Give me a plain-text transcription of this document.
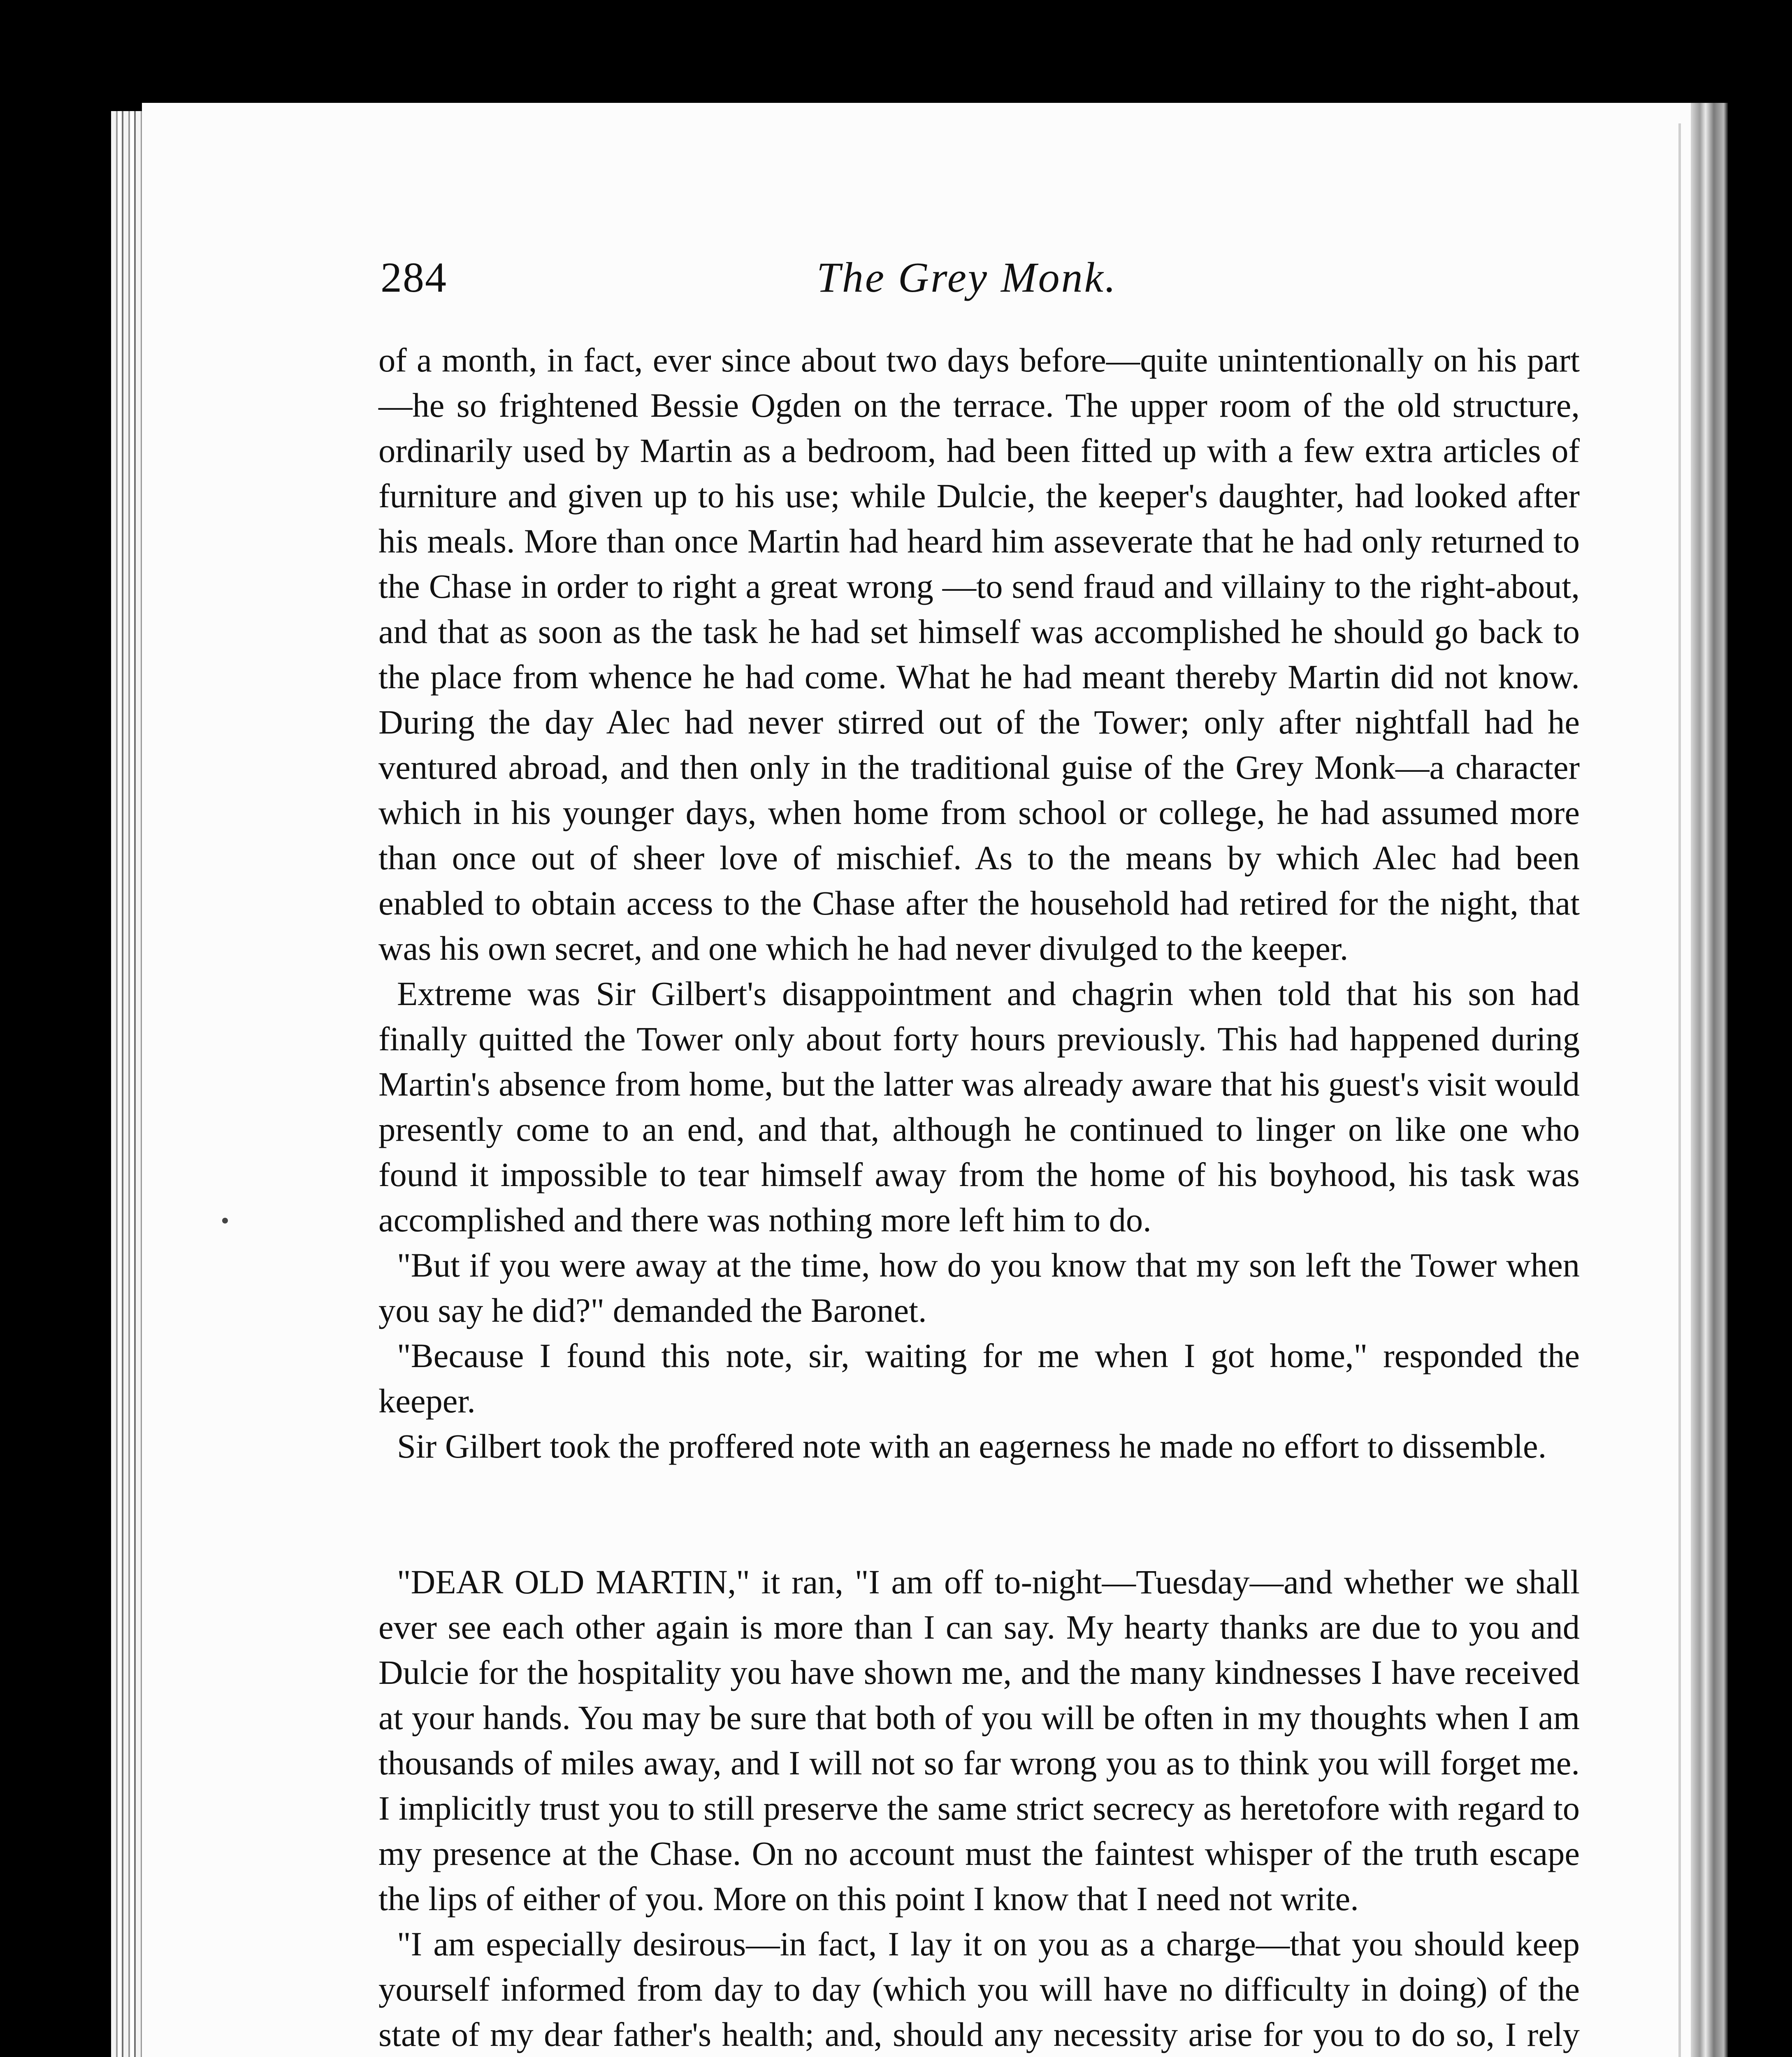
284	The Grey Monk.

of a month, in fact, ever since about two days before—quite unintentionally on his part—he so frightened Bessie Ogden on the terrace. The upper room of the old structure, ordinarily used by Martin as a bedroom, had been fitted up with a few extra articles of furniture and given up to his use; while Dulcie, the keeper's daughter, had looked after his meals. More than once Martin had heard him asseverate that he had only returned to the Chase in order to right a great wrong —to send fraud and villainy to the right-about, and that as soon as the task he had set himself was accomplished he should go back to the place from whence he had come. What he had meant thereby Martin did not know. During the day Alec had never stirred out of the Tower; only after nightfall had he ventured abroad, and then only in the traditional guise of the Grey Monk—a character which in his younger days, when home from school or college, he had assumed more than once out of sheer love of mischief. As to the means by which Alec had been enabled to obtain access to the Chase after the household had retired for the night, that was his own secret, and one which he had never divulged to the keeper.

Extreme was Sir Gilbert's disappointment and chagrin when told that his son had finally quitted the Tower only about forty hours previously. This had happened during Martin's absence from home, but the latter was already aware that his guest's visit would presently come to an end, and that, although he continued to linger on like one who found it impossible to tear himself away from the home of his boyhood, his task was accomplished and there was nothing more left him to do.

"But if you were away at the time, how do you know that my son left the Tower when you say he did?" demanded the Baronet.

"Because I found this note, sir, waiting for me when I got home," responded the keeper.

Sir Gilbert took the proffered note with an eagerness he made no effort to dissemble.

"DEAR OLD MARTIN," it ran, "I am off to-night—Tuesday—and whether we shall ever see each other again is more than I can say. My hearty thanks are due to you and Dulcie for the hospitality you have shown me, and the many kindnesses I have received at your hands. You may be sure that both of you will be often in my thoughts when I am thousands of miles away, and I will not so far wrong you as to think you will forget me. I implicitly trust you to still preserve the same strict secrecy as heretofore with regard to my presence at the Chase. On no account must the faintest whisper of the truth escape the lips of either of you. More on this point I know that I need not write.

"I am especially desirous—in fact, I lay it on you as a charge—that you should keep yourself informed from day to day (which you will have no difficulty in doing) of the state of my dear father's health; and, should any necessity arise for you to do so, I rely
